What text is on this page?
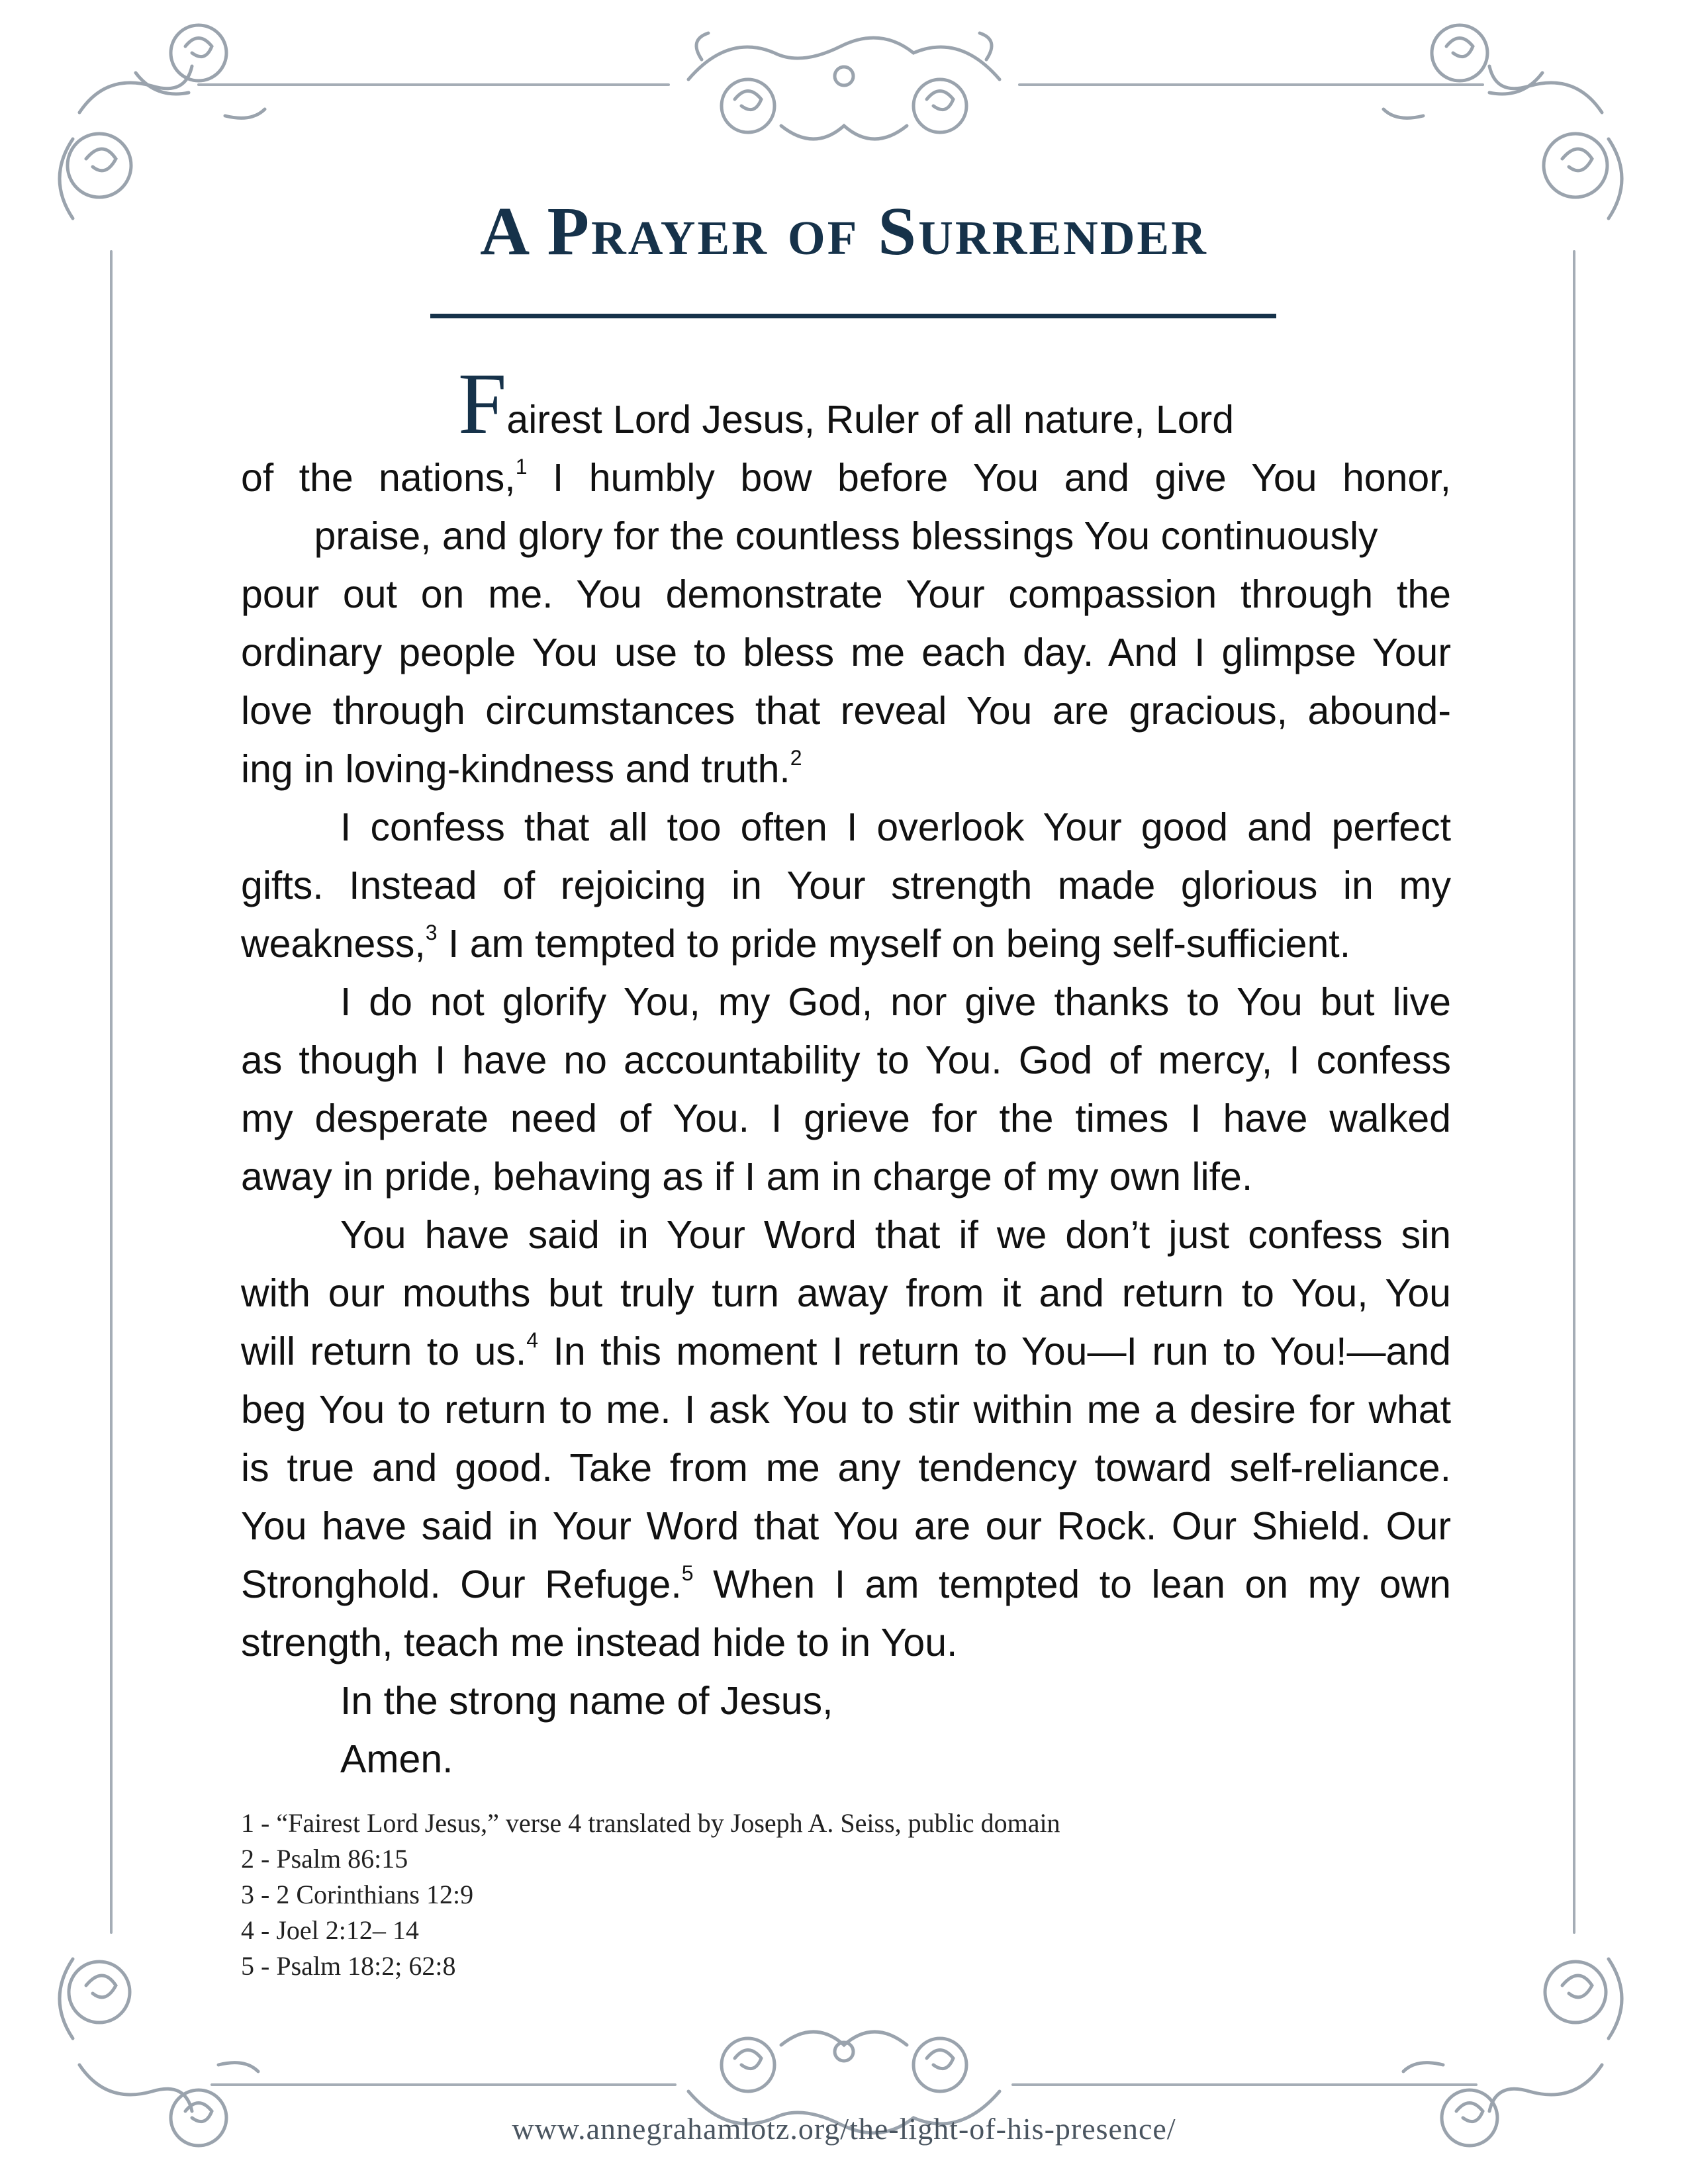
A Prayer of Surrender
Fairest Lord Jesus, Ruler of all nature, Lord
of the nations,$^1$ I humbly bow before You and give You honor,
praise, and glory for the countless blessings You continuously
pour out on me. You demonstrate Your compassion through the
ordinary people You use to bless me each day. And I glimpse Your
love through circumstances that reveal You are gracious, abound-
ing in loving-kindness and truth.$^2$
I confess that all too often I overlook Your good and perfect
gifts. Instead of rejoicing in Your strength made glorious in my
weakness,$^3$ I am tempted to pride myself on being self-sufficient.
I do not glorify You, my God, nor give thanks to You but live
as though I have no accountability to You. God of mercy, I confess
my desperate need of You. I grieve for the times I have walked
away in pride, behaving as if I am in charge of my own life.
You have said in Your Word that if we don’t just confess sin
with our mouths but truly turn away from it and return to You, You
will return to us.$^4$ In this moment I return to You—I run to You!—and
beg You to return to me. I ask You to stir within me a desire for what
is true and good. Take from me any tendency toward self-reliance.
You have said in Your Word that You are our Rock. Our Shield. Our
Stronghold. Our Refuge.$^5$ When I am tempted to lean on my own
strength, teach me instead hide to in You.
In the strong name of Jesus,
Amen.
1 - “Fairest Lord Jesus,” verse 4 translated by Joseph A. Seiss, public domain
2 - Psalm 86:15
3 - 2 Corinthians 12:9
4 - Joel 2:12– 14
5 - Psalm 18:2; 62:8
www.annegrahamlotz.org/the-light-of-his-presence/
